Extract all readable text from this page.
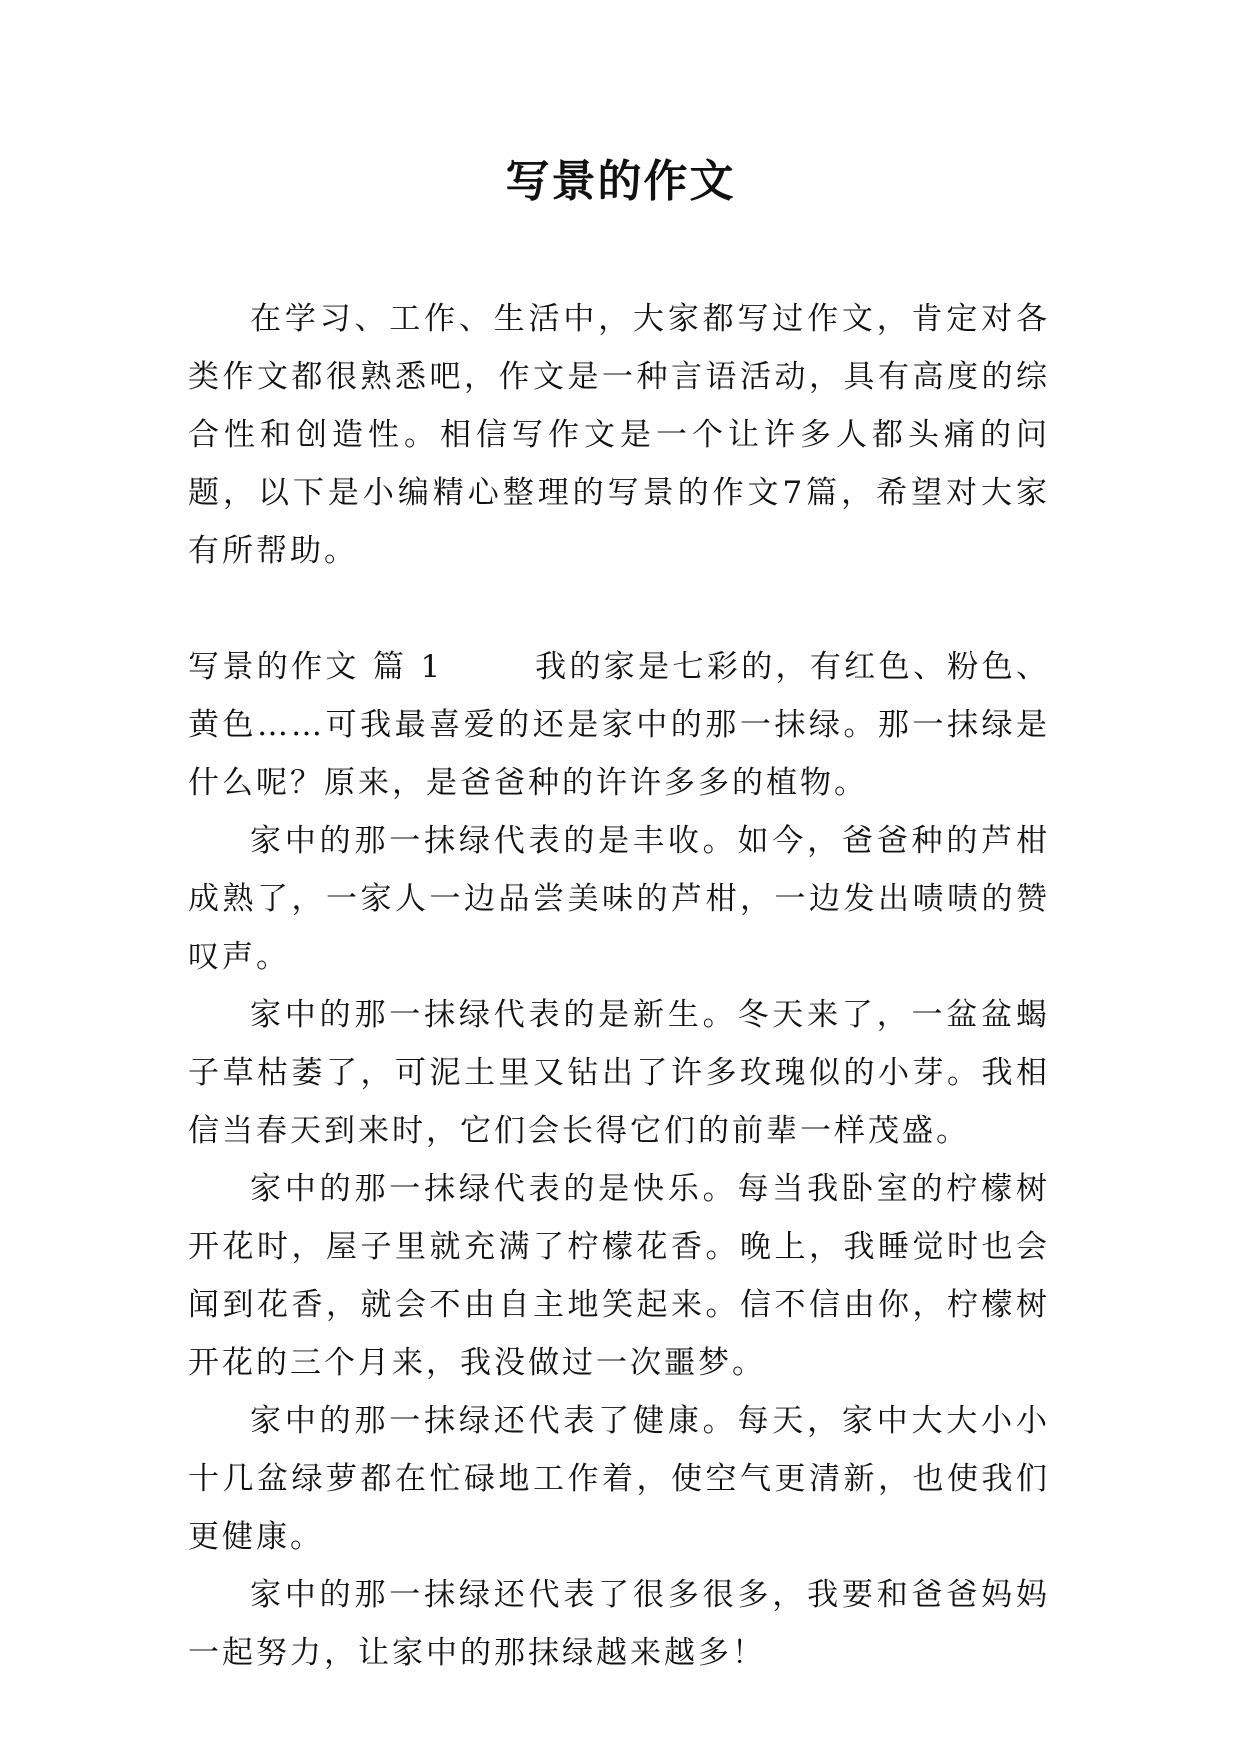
写景的作文

在学习、工作、生活中，大家都写过作文，肯定对各类作文都很熟悉吧，作文是一种言语活动，具有高度的综合性和创造性。相信写作文是一个让许多人都头痛的问题，以下是小编精心整理的写景的作文7篇，希望对大家有所帮助。

写景的作文 篇 1	我的家是七彩的，有红色、粉色、黄色……可我最喜爱的还是家中的那一抹绿。那一抹绿是什么呢？原来，是爸爸种的许许多多的植物。

家中的那一抹绿代表的是丰收。如今，爸爸种的芦柑成熟了，一家人一边品尝美味的芦柑，一边发出啧啧的赞叹声。

家中的那一抹绿代表的是新生。冬天来了，一盆盆蝎子草枯萎了，可泥土里又钻出了许多玫瑰似的小芽。我相信当春天到来时，它们会长得它们的前辈一样茂盛。

家中的那一抹绿代表的是快乐。每当我卧室的柠檬树开花时，屋子里就充满了柠檬花香。晚上，我睡觉时也会闻到花香，就会不由自主地笑起来。信不信由你，柠檬树开花的三个月来，我没做过一次噩梦。

家中的那一抹绿还代表了健康。每天，家中大大小小十几盆绿萝都在忙碌地工作着，使空气更清新，也使我们更健康。

家中的那一抹绿还代表了很多很多，我要和爸爸妈妈一起努力，让家中的那抹绿越来越多！
